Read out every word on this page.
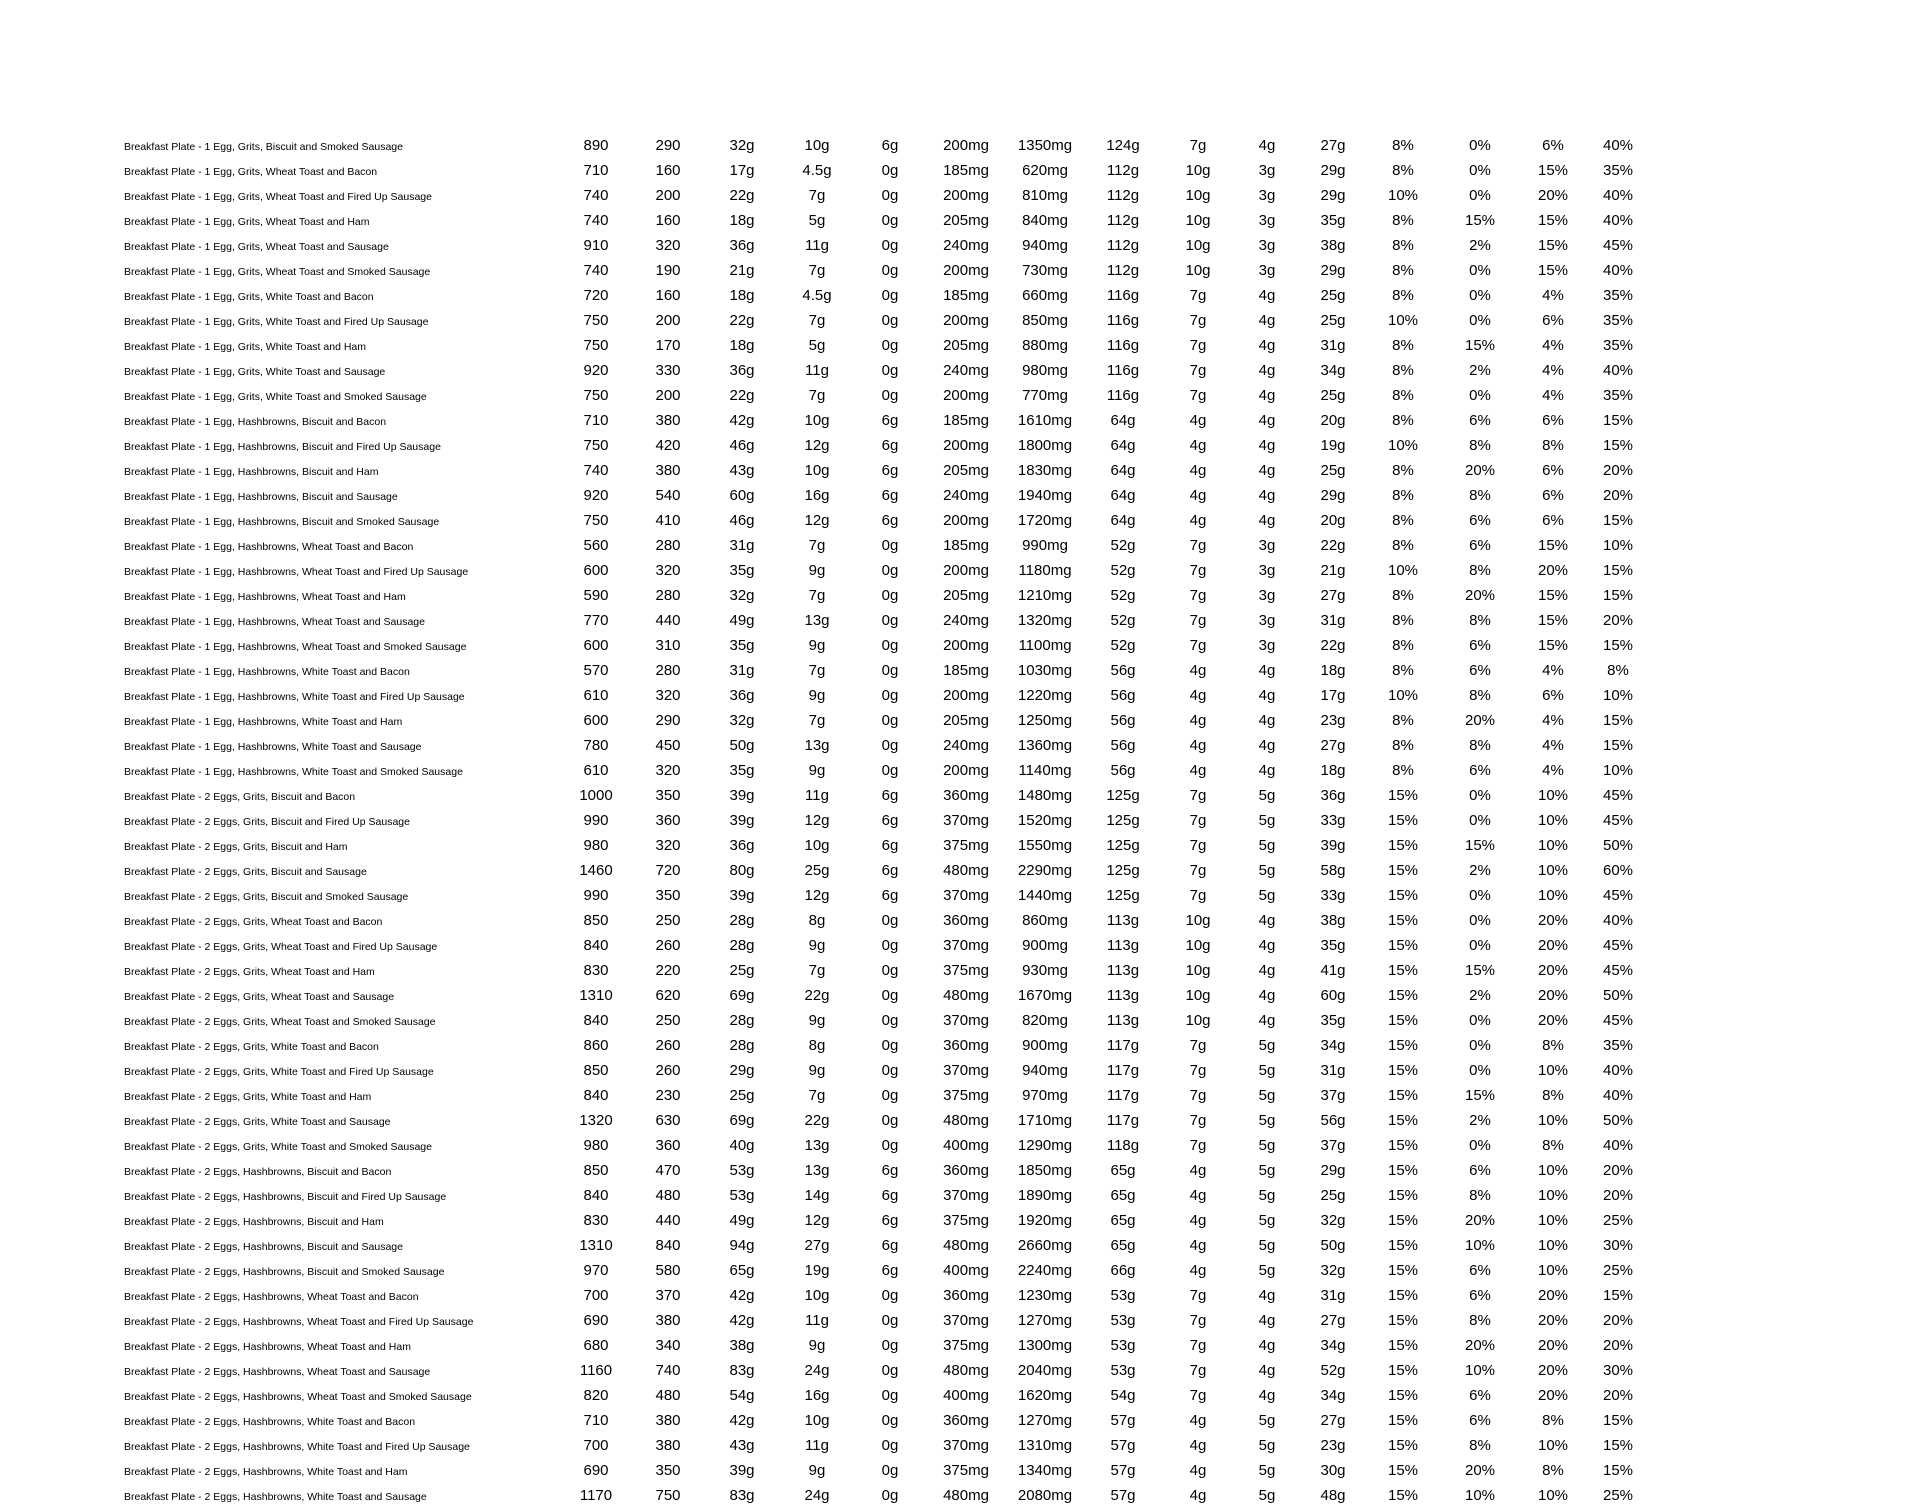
Breakfast Plate - 1 Egg, Grits, Biscuit and Smoked Sausage	890	290	32g	10g	6g	200mg	1350mg	124g	7g	4g	27g	8%	0%	6%	40%
Breakfast Plate - 1 Egg, Grits, Wheat Toast and Bacon	710	160	17g	4.5g	0g	185mg	620mg	112g	10g	3g	29g	8%	0%	15%	35%
Breakfast Plate - 1 Egg, Grits, Wheat Toast and Fired Up Sausage	740	200	22g	7g	0g	200mg	810mg	112g	10g	3g	29g	10%	0%	20%	40%
Breakfast Plate - 1 Egg, Grits, Wheat Toast and Ham	740	160	18g	5g	0g	205mg	840mg	112g	10g	3g	35g	8%	15%	15%	40%
Breakfast Plate - 1 Egg, Grits, Wheat Toast and Sausage	910	320	36g	11g	0g	240mg	940mg	112g	10g	3g	38g	8%	2%	15%	45%
Breakfast Plate - 1 Egg, Grits, Wheat Toast and Smoked Sausage	740	190	21g	7g	0g	200mg	730mg	112g	10g	3g	29g	8%	0%	15%	40%
Breakfast Plate - 1 Egg, Grits, White Toast and Bacon	720	160	18g	4.5g	0g	185mg	660mg	116g	7g	4g	25g	8%	0%	4%	35%
Breakfast Plate - 1 Egg, Grits, White Toast and Fired Up Sausage	750	200	22g	7g	0g	200mg	850mg	116g	7g	4g	25g	10%	0%	6%	35%
Breakfast Plate - 1 Egg, Grits, White Toast and Ham	750	170	18g	5g	0g	205mg	880mg	116g	7g	4g	31g	8%	15%	4%	35%
Breakfast Plate - 1 Egg, Grits, White Toast and Sausage	920	330	36g	11g	0g	240mg	980mg	116g	7g	4g	34g	8%	2%	4%	40%
Breakfast Plate - 1 Egg, Grits, White Toast and Smoked Sausage	750	200	22g	7g	0g	200mg	770mg	116g	7g	4g	25g	8%	0%	4%	35%
Breakfast Plate - 1 Egg, Hashbrowns, Biscuit and Bacon	710	380	42g	10g	6g	185mg	1610mg	64g	4g	4g	20g	8%	6%	6%	15%
Breakfast Plate - 1 Egg, Hashbrowns, Biscuit and Fired Up Sausage	750	420	46g	12g	6g	200mg	1800mg	64g	4g	4g	19g	10%	8%	8%	15%
Breakfast Plate - 1 Egg, Hashbrowns, Biscuit and Ham	740	380	43g	10g	6g	205mg	1830mg	64g	4g	4g	25g	8%	20%	6%	20%
Breakfast Plate - 1 Egg, Hashbrowns, Biscuit and Sausage	920	540	60g	16g	6g	240mg	1940mg	64g	4g	4g	29g	8%	8%	6%	20%
Breakfast Plate - 1 Egg, Hashbrowns, Biscuit and Smoked Sausage	750	410	46g	12g	6g	200mg	1720mg	64g	4g	4g	20g	8%	6%	6%	15%
Breakfast Plate - 1 Egg, Hashbrowns, Wheat Toast and Bacon	560	280	31g	7g	0g	185mg	990mg	52g	7g	3g	22g	8%	6%	15%	10%
Breakfast Plate - 1 Egg, Hashbrowns, Wheat Toast and Fired Up Sausage	600	320	35g	9g	0g	200mg	1180mg	52g	7g	3g	21g	10%	8%	20%	15%
Breakfast Plate - 1 Egg, Hashbrowns, Wheat Toast and Ham	590	280	32g	7g	0g	205mg	1210mg	52g	7g	3g	27g	8%	20%	15%	15%
Breakfast Plate - 1 Egg, Hashbrowns, Wheat Toast and Sausage	770	440	49g	13g	0g	240mg	1320mg	52g	7g	3g	31g	8%	8%	15%	20%
Breakfast Plate - 1 Egg, Hashbrowns, Wheat Toast and Smoked Sausage	600	310	35g	9g	0g	200mg	1100mg	52g	7g	3g	22g	8%	6%	15%	15%
Breakfast Plate - 1 Egg, Hashbrowns, White Toast and Bacon	570	280	31g	7g	0g	185mg	1030mg	56g	4g	4g	18g	8%	6%	4%	8%
Breakfast Plate - 1 Egg, Hashbrowns, White Toast and Fired Up Sausage	610	320	36g	9g	0g	200mg	1220mg	56g	4g	4g	17g	10%	8%	6%	10%
Breakfast Plate - 1 Egg, Hashbrowns, White Toast and Ham	600	290	32g	7g	0g	205mg	1250mg	56g	4g	4g	23g	8%	20%	4%	15%
Breakfast Plate - 1 Egg, Hashbrowns, White Toast and Sausage	780	450	50g	13g	0g	240mg	1360mg	56g	4g	4g	27g	8%	8%	4%	15%
Breakfast Plate - 1 Egg, Hashbrowns, White Toast and Smoked Sausage	610	320	35g	9g	0g	200mg	1140mg	56g	4g	4g	18g	8%	6%	4%	10%
Breakfast Plate - 2 Eggs, Grits, Biscuit and Bacon	1000	350	39g	11g	6g	360mg	1480mg	125g	7g	5g	36g	15%	0%	10%	45%
Breakfast Plate - 2 Eggs, Grits, Biscuit and Fired Up Sausage	990	360	39g	12g	6g	370mg	1520mg	125g	7g	5g	33g	15%	0%	10%	45%
Breakfast Plate - 2 Eggs, Grits, Biscuit and Ham	980	320	36g	10g	6g	375mg	1550mg	125g	7g	5g	39g	15%	15%	10%	50%
Breakfast Plate - 2 Eggs, Grits, Biscuit and Sausage	1460	720	80g	25g	6g	480mg	2290mg	125g	7g	5g	58g	15%	2%	10%	60%
Breakfast Plate - 2 Eggs, Grits, Biscuit and Smoked Sausage	990	350	39g	12g	6g	370mg	1440mg	125g	7g	5g	33g	15%	0%	10%	45%
Breakfast Plate - 2 Eggs, Grits, Wheat Toast and Bacon	850	250	28g	8g	0g	360mg	860mg	113g	10g	4g	38g	15%	0%	20%	40%
Breakfast Plate - 2 Eggs, Grits, Wheat Toast and Fired Up Sausage	840	260	28g	9g	0g	370mg	900mg	113g	10g	4g	35g	15%	0%	20%	45%
Breakfast Plate - 2 Eggs, Grits, Wheat Toast and Ham	830	220	25g	7g	0g	375mg	930mg	113g	10g	4g	41g	15%	15%	20%	45%
Breakfast Plate - 2 Eggs, Grits, Wheat Toast and Sausage	1310	620	69g	22g	0g	480mg	1670mg	113g	10g	4g	60g	15%	2%	20%	50%
Breakfast Plate - 2 Eggs, Grits, Wheat Toast and Smoked Sausage	840	250	28g	9g	0g	370mg	820mg	113g	10g	4g	35g	15%	0%	20%	45%
Breakfast Plate - 2 Eggs, Grits, White Toast and Bacon	860	260	28g	8g	0g	360mg	900mg	117g	7g	5g	34g	15%	0%	8%	35%
Breakfast Plate - 2 Eggs, Grits, White Toast and Fired Up Sausage	850	260	29g	9g	0g	370mg	940mg	117g	7g	5g	31g	15%	0%	10%	40%
Breakfast Plate - 2 Eggs, Grits, White Toast and Ham	840	230	25g	7g	0g	375mg	970mg	117g	7g	5g	37g	15%	15%	8%	40%
Breakfast Plate - 2 Eggs, Grits, White Toast and Sausage	1320	630	69g	22g	0g	480mg	1710mg	117g	7g	5g	56g	15%	2%	10%	50%
Breakfast Plate - 2 Eggs, Grits, White Toast and Smoked Sausage	980	360	40g	13g	0g	400mg	1290mg	118g	7g	5g	37g	15%	0%	8%	40%
Breakfast Plate - 2 Eggs, Hashbrowns, Biscuit and Bacon	850	470	53g	13g	6g	360mg	1850mg	65g	4g	5g	29g	15%	6%	10%	20%
Breakfast Plate - 2 Eggs, Hashbrowns, Biscuit and Fired Up Sausage	840	480	53g	14g	6g	370mg	1890mg	65g	4g	5g	25g	15%	8%	10%	20%
Breakfast Plate - 2 Eggs, Hashbrowns, Biscuit and Ham	830	440	49g	12g	6g	375mg	1920mg	65g	4g	5g	32g	15%	20%	10%	25%
Breakfast Plate - 2 Eggs, Hashbrowns, Biscuit and Sausage	1310	840	94g	27g	6g	480mg	2660mg	65g	4g	5g	50g	15%	10%	10%	30%
Breakfast Plate - 2 Eggs, Hashbrowns, Biscuit and Smoked Sausage	970	580	65g	19g	6g	400mg	2240mg	66g	4g	5g	32g	15%	6%	10%	25%
Breakfast Plate - 2 Eggs, Hashbrowns, Wheat Toast and Bacon	700	370	42g	10g	0g	360mg	1230mg	53g	7g	4g	31g	15%	6%	20%	15%
Breakfast Plate - 2 Eggs, Hashbrowns, Wheat Toast and Fired Up Sausage	690	380	42g	11g	0g	370mg	1270mg	53g	7g	4g	27g	15%	8%	20%	20%
Breakfast Plate - 2 Eggs, Hashbrowns, Wheat Toast and Ham	680	340	38g	9g	0g	375mg	1300mg	53g	7g	4g	34g	15%	20%	20%	20%
Breakfast Plate - 2 Eggs, Hashbrowns, Wheat Toast and Sausage	1160	740	83g	24g	0g	480mg	2040mg	53g	7g	4g	52g	15%	10%	20%	30%
Breakfast Plate - 2 Eggs, Hashbrowns, Wheat Toast and Smoked Sausage	820	480	54g	16g	0g	400mg	1620mg	54g	7g	4g	34g	15%	6%	20%	20%
Breakfast Plate - 2 Eggs, Hashbrowns, White Toast and Bacon	710	380	42g	10g	0g	360mg	1270mg	57g	4g	5g	27g	15%	6%	8%	15%
Breakfast Plate - 2 Eggs, Hashbrowns, White Toast and Fired Up Sausage	700	380	43g	11g	0g	370mg	1310mg	57g	4g	5g	23g	15%	8%	10%	15%
Breakfast Plate - 2 Eggs, Hashbrowns, White Toast and Ham	690	350	39g	9g	0g	375mg	1340mg	57g	4g	5g	30g	15%	20%	8%	15%
Breakfast Plate - 2 Eggs, Hashbrowns, White Toast and Sausage	1170	750	83g	24g	0g	480mg	2080mg	57g	4g	5g	48g	15%	10%	10%	25%
